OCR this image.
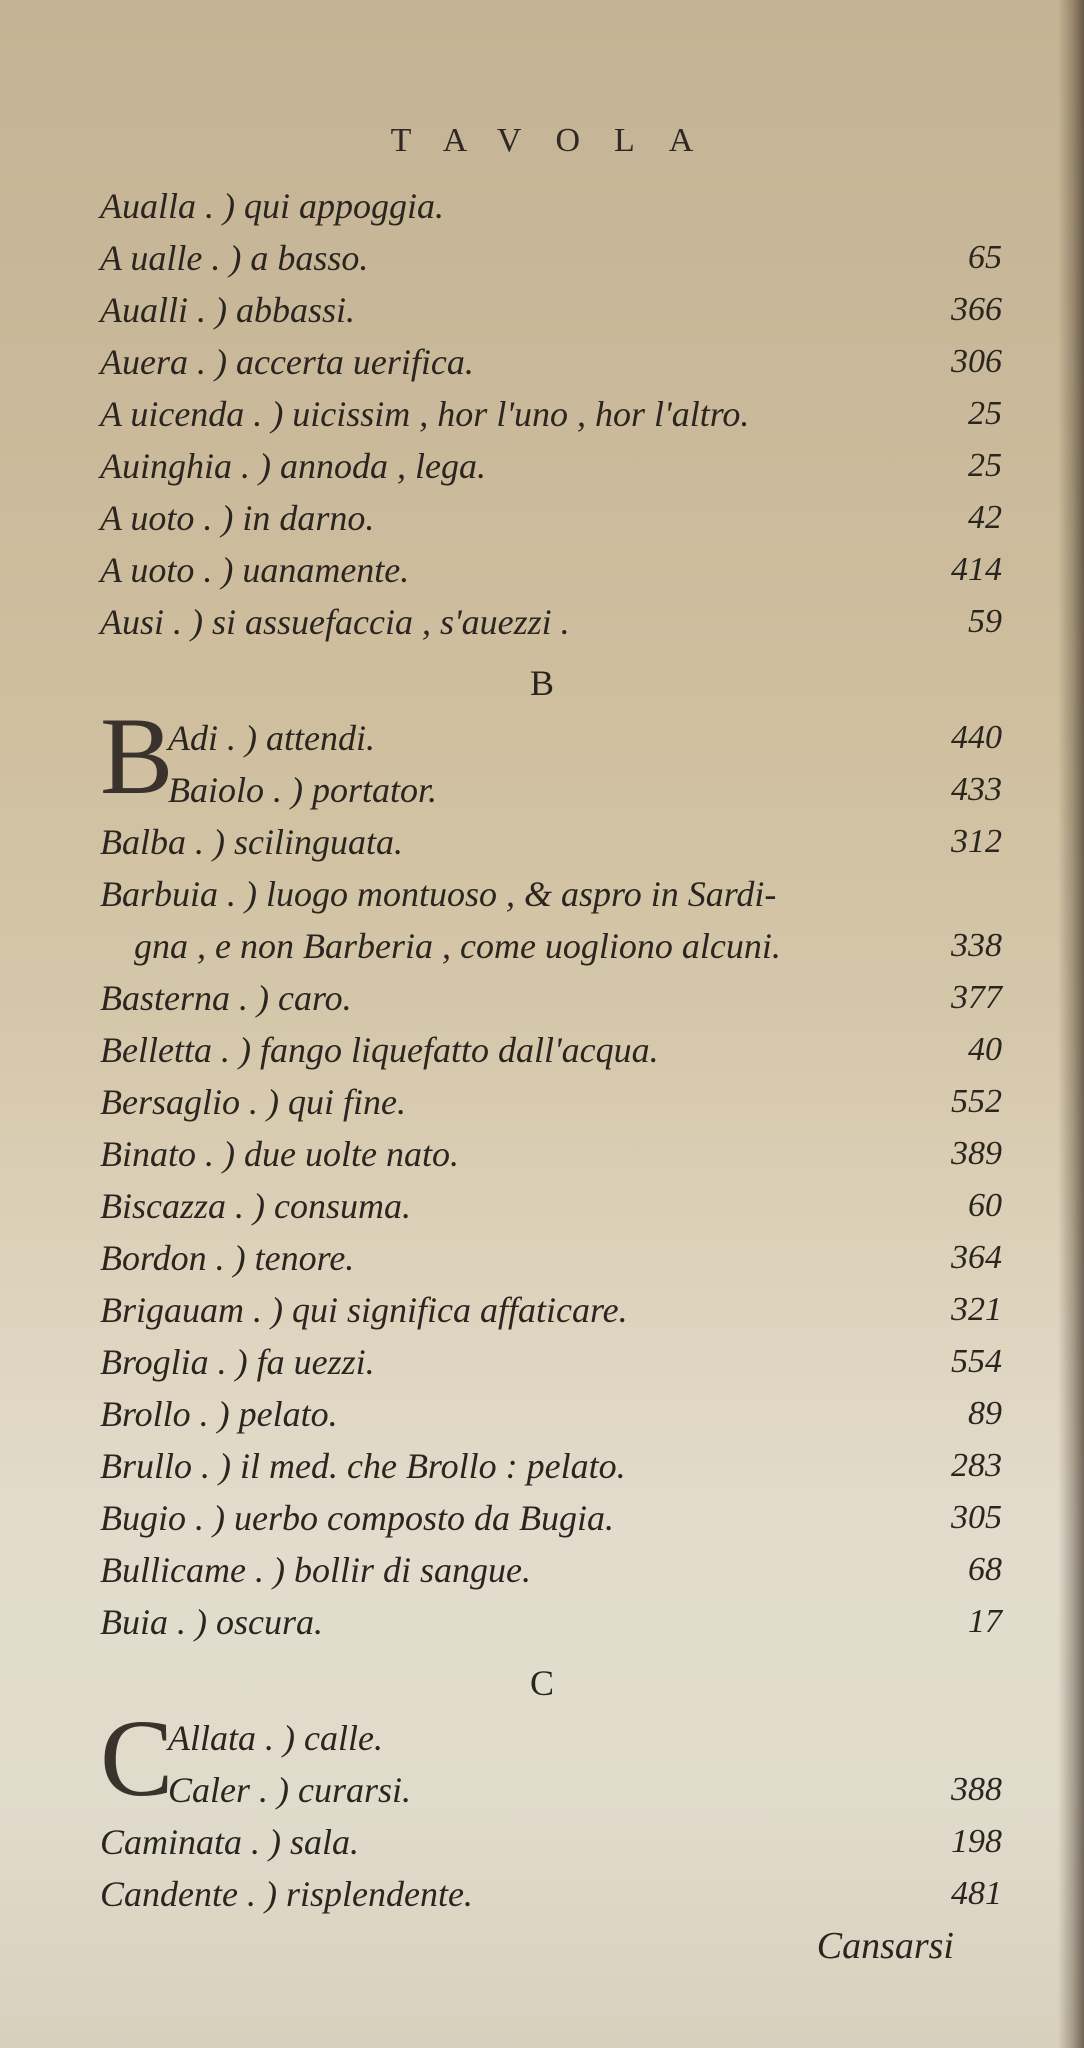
TAVOLA
Aualla . ) qui appoggia.
A ualle . ) a basso.	65
Aualli . ) abbassi.	366
Auera . ) accerta uerifica.	306
A uicenda . ) uicissim , hor l'uno , hor l'altro.	25
Auinghia . ) annoda , lega.	25
A uoto . ) in darno.	42
A uoto . ) uanamente.	414
Ausi . ) si assuefaccia , s'auezzi .	59
B
B
Adi . ) attendi.	440
Baiolo . ) portator.	433
Balba . ) scilinguata.	312
Barbuia . ) luogo montuoso , & aspro in Sardi-
gna , e non Barberia , come uogliono alcuni.	338
Basterna . ) caro.	377
Belletta . ) fango liquefatto dall'acqua.	40
Bersaglio . ) qui fine.	552
Binato . ) due uolte nato.	389
Biscazza . ) consuma.	60
Bordon . ) tenore.	364
Brigauam . ) qui significa affaticare.	321
Broglia . ) fa uezzi.	554
Brollo . ) pelato.	89
Brullo . ) il med. che Brollo : pelato.	283
Bugio . ) uerbo composto da Bugia.	305
Bullicame . ) bollir di sangue.	68
Buia . ) oscura.	17
C
C
Allata . ) calle.
Caler . ) curarsi.	388
Caminata . ) sala.	198
Candente . ) risplendente.	481
Cansarsi
